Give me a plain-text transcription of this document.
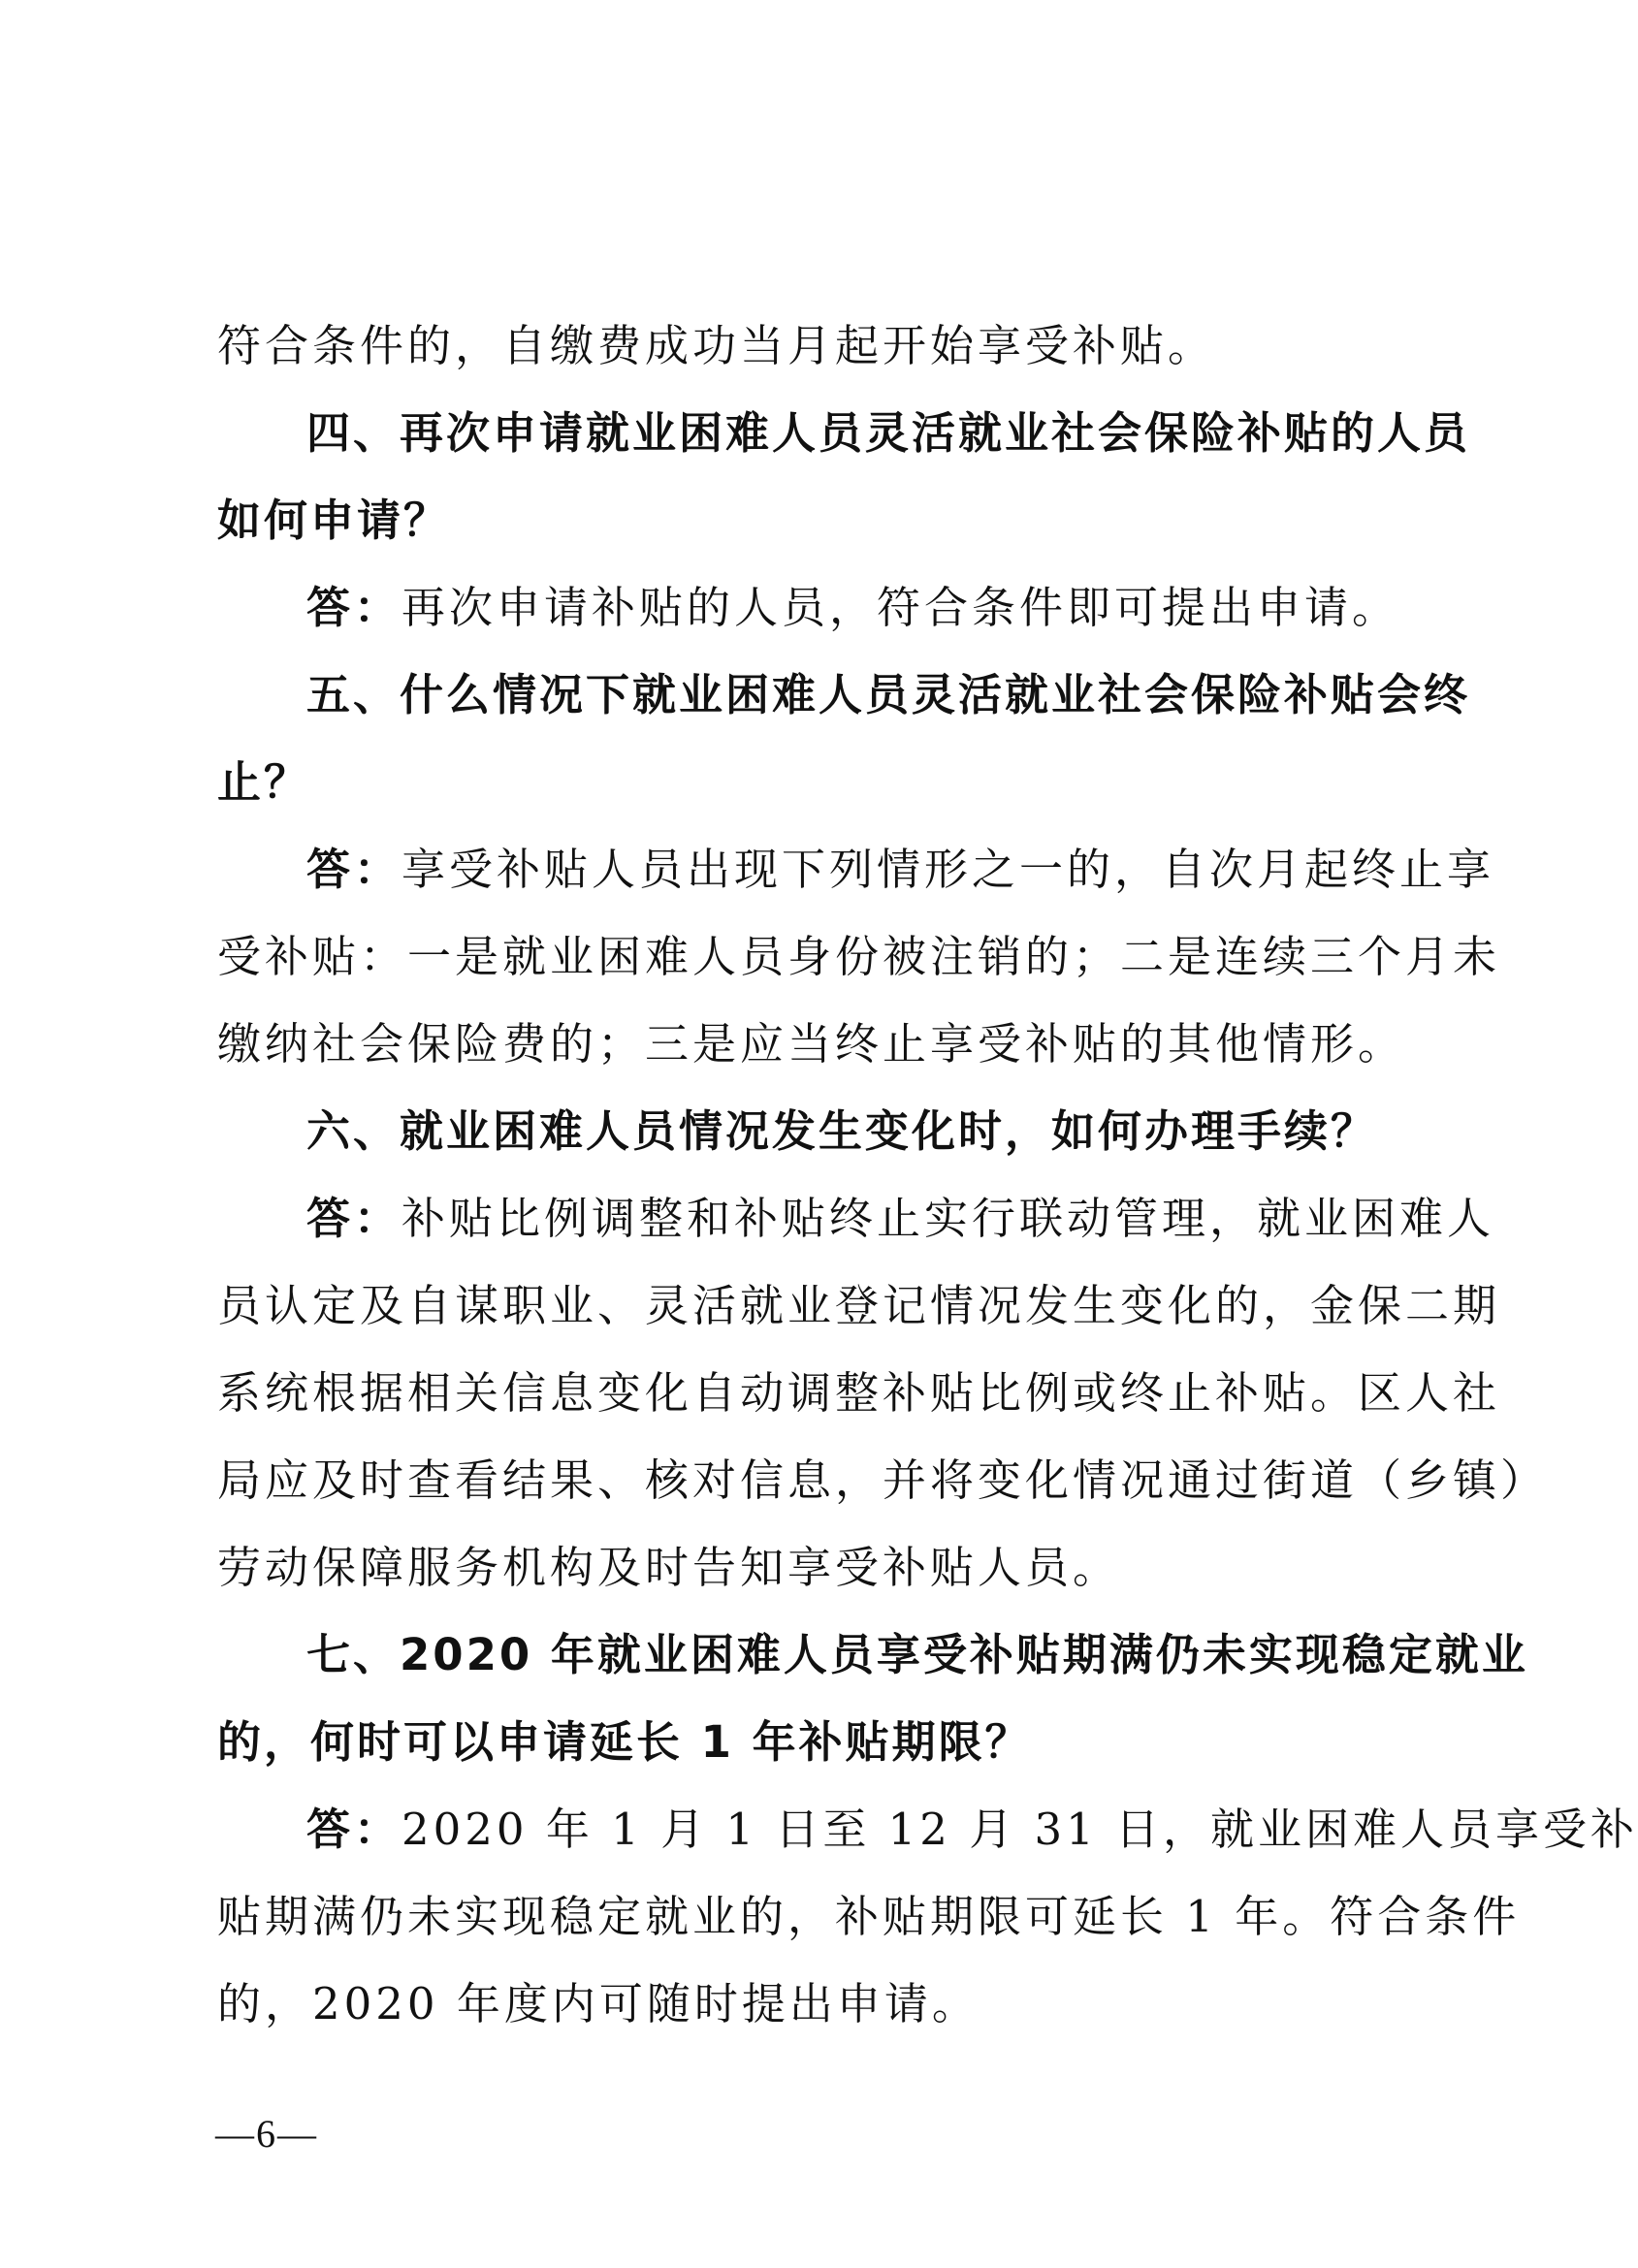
符合条件的，自缴费成功当月起开始享受补贴。
四、再次申请就业困难人员灵活就业社会保险补贴的人员
如何申请？
答：再次申请补贴的人员，符合条件即可提出申请。
五、什么情况下就业困难人员灵活就业社会保险补贴会终
止？
答：享受补贴人员出现下列情形之一的，自次月起终止享
受补贴：一是就业困难人员身份被注销的；二是连续三个月未
缴纳社会保险费的；三是应当终止享受补贴的其他情形。
六、就业困难人员情况发生变化时，如何办理手续？
答：补贴比例调整和补贴终止实行联动管理，就业困难人
员认定及自谋职业、灵活就业登记情况发生变化的，金保二期
系统根据相关信息变化自动调整补贴比例或终止补贴。区人社
局应及时查看结果、核对信息，并将变化情况通过街道（乡镇）
劳动保障服务机构及时告知享受补贴人员。
七、2020 年就业困难人员享受补贴期满仍未实现稳定就业
的，何时可以申请延长 1 年补贴期限？
答：2020 年 1 月 1 日至 12 月 31 日，就业困难人员享受补
贴期满仍未实现稳定就业的，补贴期限可延长 1 年。符合条件
的，2020 年度内可随时提出申请。
—6—
